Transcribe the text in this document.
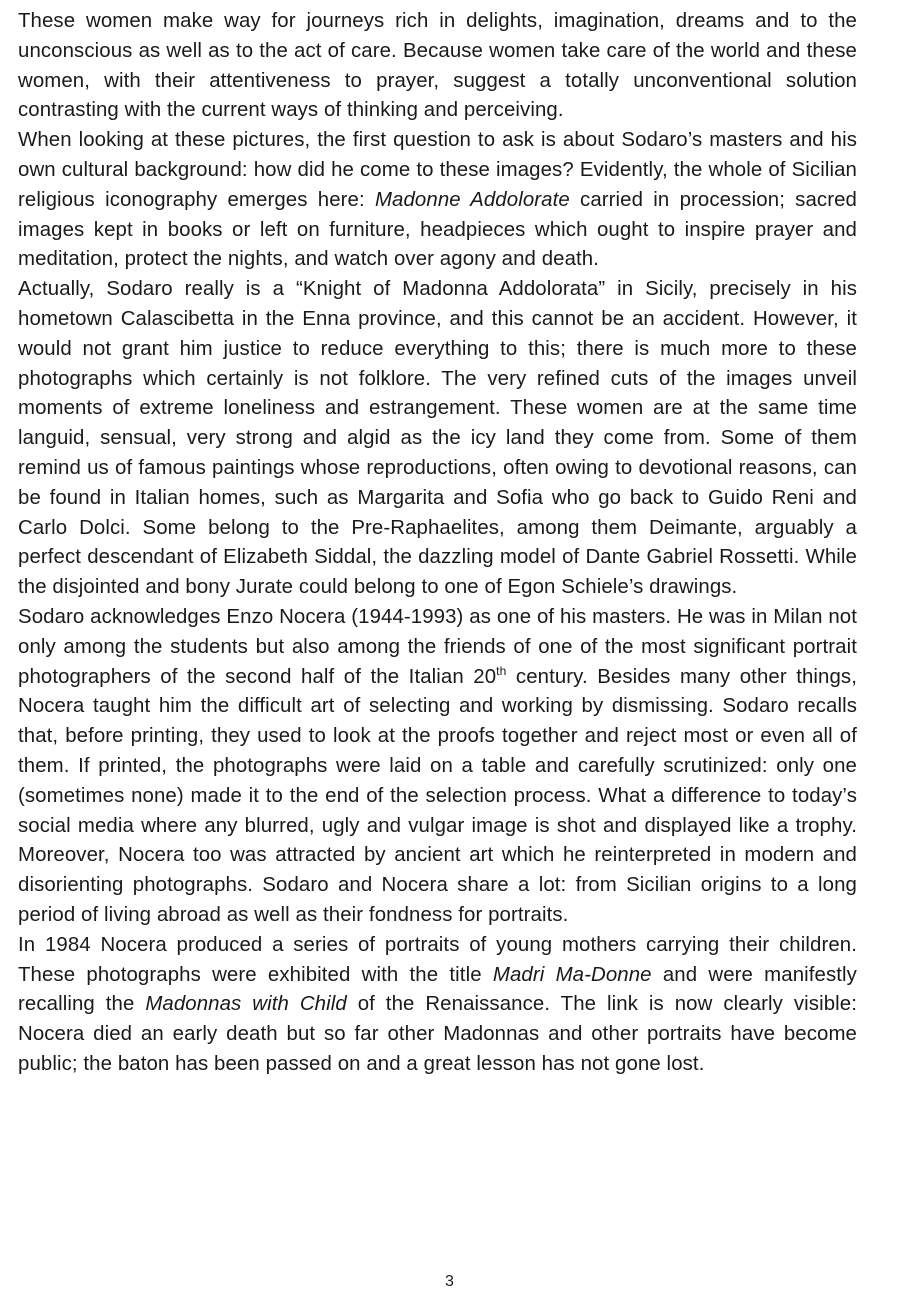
These women make way for journeys rich in delights, imagination, dreams and to the unconscious as well as to the act of care. Because women take care of the world and these women, with their attentiveness to prayer, suggest a totally unconventional solution contrasting with the current ways of thinking and perceiving.

When looking at these pictures, the first question to ask is about Sodaro’s masters and his own cultural background: how did he come to these images? Evidently, the whole of Sicilian religious iconography emerges here: Madonne Addolorate carried in procession; sacred images kept in books or left on furniture, headpieces which ought to inspire prayer and meditation, protect the nights, and watch over agony and death.

Actually, Sodaro really is a “Knight of Madonna Addolorata” in Sicily, precisely in his hometown Calascibetta in the Enna province, and this cannot be an accident. However, it would not grant him justice to reduce everything to this; there is much more to these photographs which certainly is not folklore. The very refined cuts of the images unveil moments of extreme loneliness and estrangement. These women are at the same time languid, sensual, very strong and algid as the icy land they come from. Some of them remind us of famous paintings whose reproductions, often owing to devotional reasons, can be found in Italian homes, such as Margarita and Sofia who go back to Guido Reni and Carlo Dolci. Some belong to the Pre-Raphaelites, among them Deimante, arguably a perfect descendant of Elizabeth Siddal, the dazzling model of Dante Gabriel Rossetti. While the disjointed and bony Jurate could belong to one of Egon Schiele’s drawings.

Sodaro acknowledges Enzo Nocera (1944-1993) as one of his masters. He was in Milan not only among the students but also among the friends of one of the most significant portrait photographers of the second half of the Italian 20th century. Besides many other things, Nocera taught him the difficult art of selecting and working by dismissing. Sodaro recalls that, before printing, they used to look at the proofs together and reject most or even all of them. If printed, the photographs were laid on a table and carefully scrutinized: only one (sometimes none) made it to the end of the selection process. What a difference to today’s social media where any blurred, ugly and vulgar image is shot and displayed like a trophy. Moreover, Nocera too was attracted by ancient art which he reinterpreted in modern and disorienting photographs. Sodaro and Nocera share a lot: from Sicilian origins to a long period of living abroad as well as their fondness for portraits.

In 1984 Nocera produced a series of portraits of young mothers carrying their children. These photographs were exhibited with the title Madri Ma-Donne and were manifestly recalling the Madonnas with Child of the Renaissance. The link is now clearly visible: Nocera died an early death but so far other Madonnas and other portraits have become public; the baton has been passed on and a great lesson has not gone lost.

3
